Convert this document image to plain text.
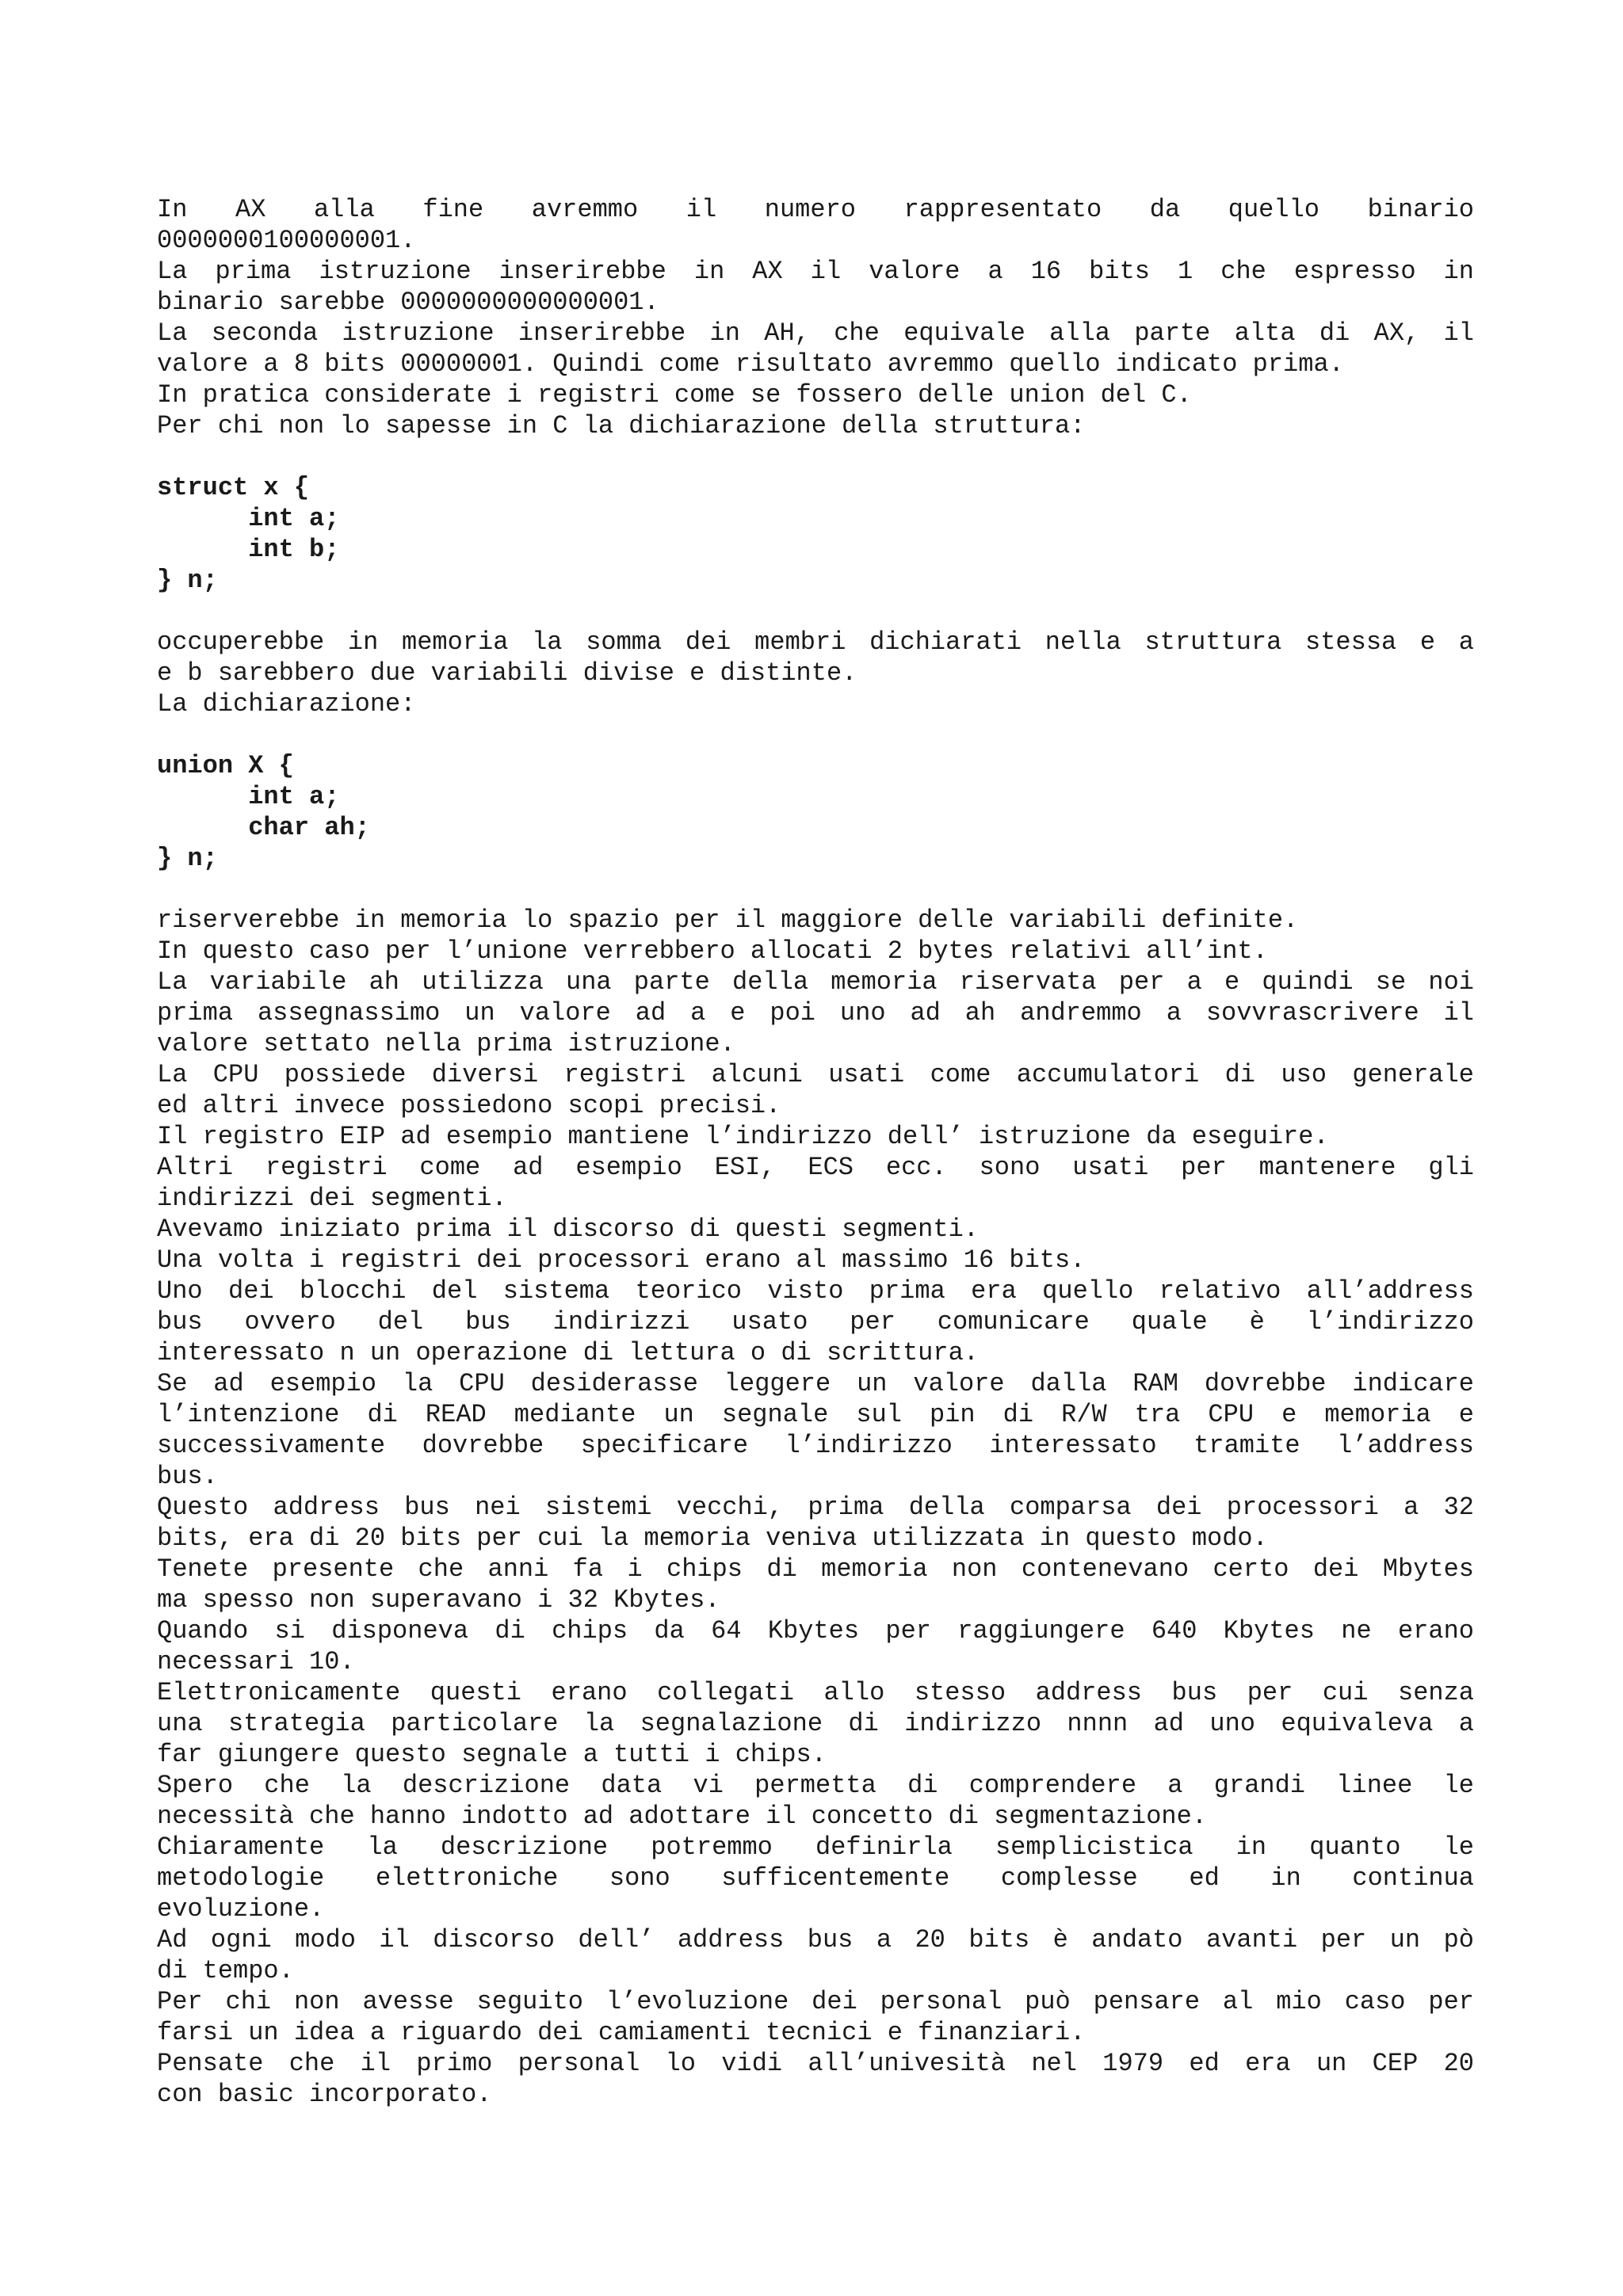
In AX alla fine avremmo il numero rappresentato da quello binario
0000000100000001.
La prima istruzione inserirebbe in AX il valore a 16 bits 1 che espresso in
binario sarebbe 0000000000000001.
La seconda istruzione inserirebbe in AH, che equivale alla parte alta di AX, il
valore a 8 bits 00000001. Quindi come risultato avremmo quello indicato prima.
In pratica considerate i registri come se fossero delle union del C.
Per chi non lo sapesse in C la dichiarazione della struttura:
struct x {
int a;
int b;
} n;
occuperebbe in memoria la somma dei membri dichiarati nella struttura stessa e a
e b sarebbero due variabili divise e distinte.
La dichiarazione:
union X {
int a;
char ah;
} n;
riserverebbe in memoria lo spazio per il maggiore delle variabili definite.
In questo caso per l’unione verrebbero allocati 2 bytes relativi all’int.
La variabile ah utilizza una parte della memoria riservata per a e quindi se noi
prima assegnassimo un valore ad a e poi uno ad ah andremmo a sovvrascrivere il
valore settato nella prima istruzione.
La CPU possiede diversi registri alcuni usati come accumulatori di uso generale
ed altri invece possiedono scopi precisi.
Il registro EIP ad esempio mantiene l’indirizzo dell’ istruzione da eseguire.
Altri registri come ad esempio ESI, ECS ecc. sono usati per mantenere gli
indirizzi dei segmenti.
Avevamo iniziato prima il discorso di questi segmenti.
Una volta i registri dei processori erano al massimo 16 bits.
Uno dei blocchi del sistema teorico visto prima era quello relativo all’address
bus ovvero del bus indirizzi usato per comunicare quale è l’indirizzo
interessato n un operazione di lettura o di scrittura.
Se ad esempio la CPU desiderasse leggere un valore dalla RAM dovrebbe indicare
l’intenzione di READ mediante un segnale sul pin di R/W tra CPU e memoria e
successivamente dovrebbe specificare l’indirizzo interessato tramite l’address
bus.
Questo address bus nei sistemi vecchi, prima della comparsa dei processori a 32
bits, era di 20 bits per cui la memoria veniva utilizzata in questo modo.
Tenete presente che anni fa i chips di memoria non contenevano certo dei Mbytes
ma spesso non superavano i 32 Kbytes.
Quando si disponeva di chips da 64 Kbytes per raggiungere 640 Kbytes ne erano
necessari 10.
Elettronicamente questi erano collegati allo stesso address bus per cui senza
una strategia particolare la segnalazione di indirizzo nnnn ad uno equivaleva a
far giungere questo segnale a tutti i chips.
Spero che la descrizione data vi permetta di comprendere a grandi linee le
necessità che hanno indotto ad adottare il concetto di segmentazione.
Chiaramente la descrizione potremmo definirla semplicistica in quanto le
metodologie elettroniche sono sufficentemente complesse ed in continua
evoluzione.
Ad ogni modo il discorso dell’ address bus a 20 bits è andato avanti per un pò
di tempo.
Per chi non avesse seguito l’evoluzione dei personal può pensare al mio caso per
farsi un idea a riguardo dei camiamenti tecnici e finanziari.
Pensate che il primo personal lo vidi all’univesità nel 1979 ed era un CEP 20
con basic incorporato.
